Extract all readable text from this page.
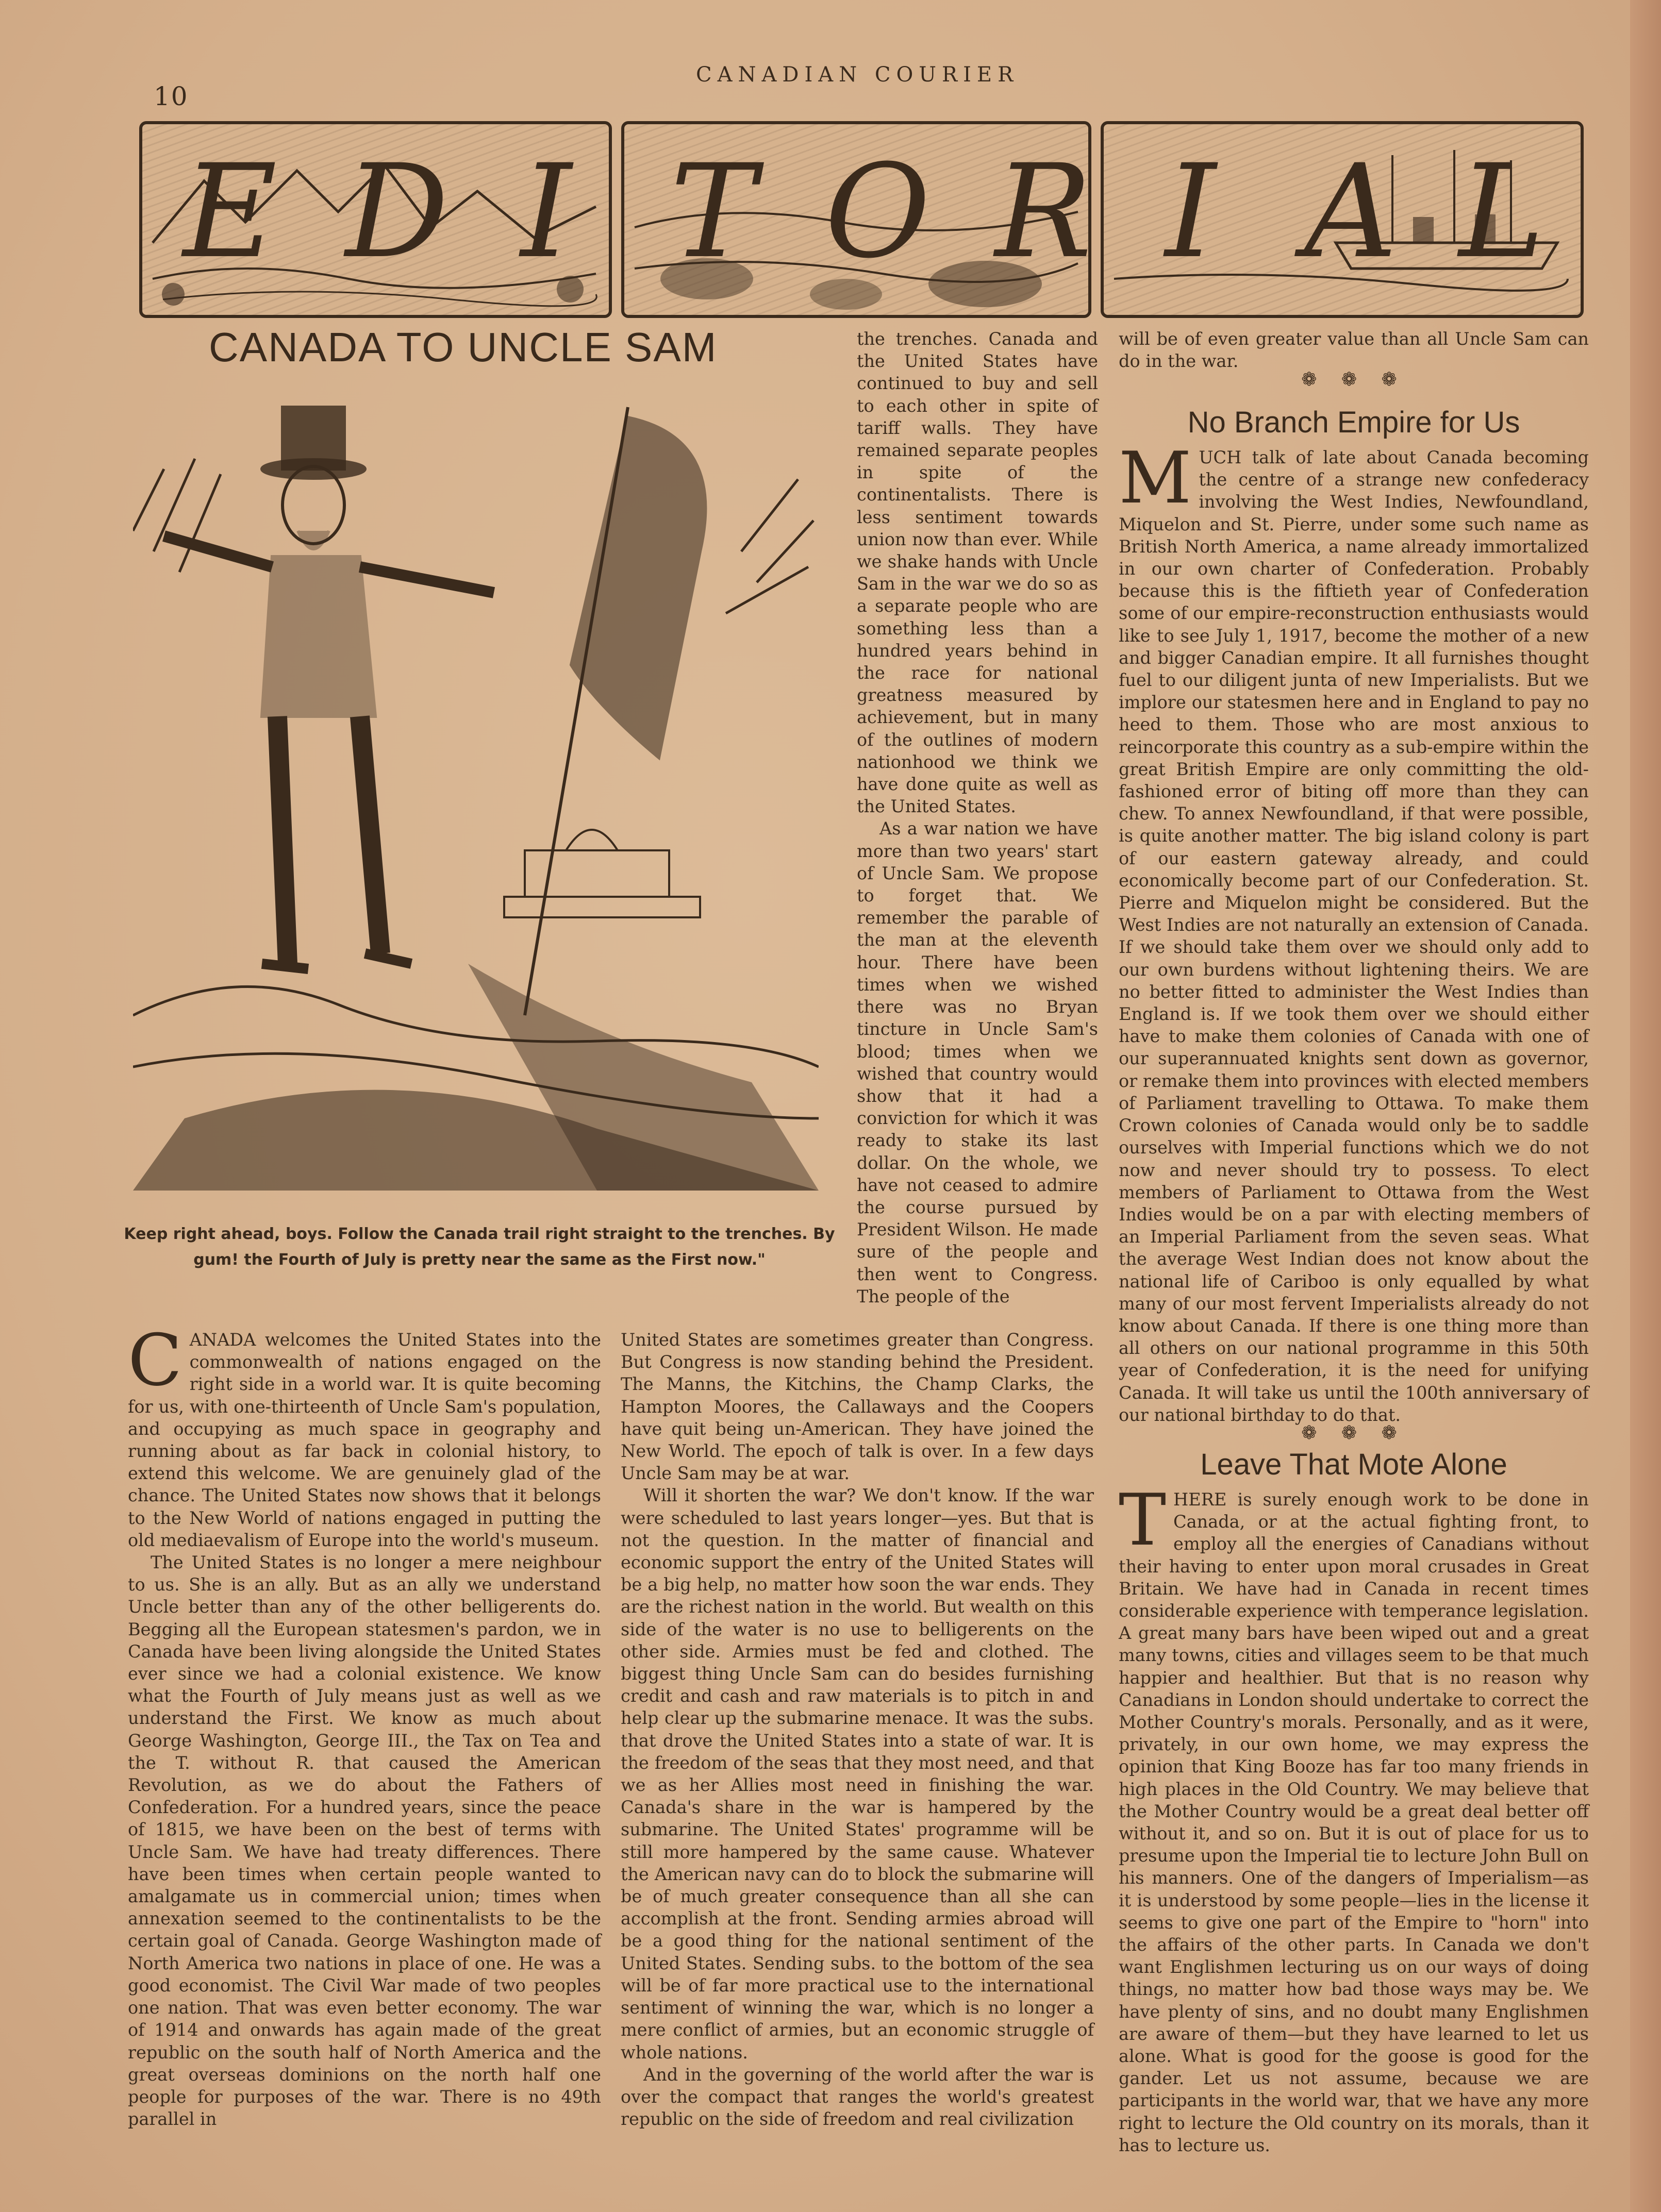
10
CANADIAN COURIER
E D I T O R I A L
CANADA TO UNCLE SAM
Keep right ahead, boys. Follow the Canada trail right straight to the trenches. By gum! the Fourth of July is pretty near the same as the First now."

CANADA welcomes the United States into the commonwealth of nations engaged on the right side in a world war. It is quite becoming for us, with one-thirteenth of Uncle Sam's population, and occupying as much space in geography and running about as far back in colonial history, to extend this welcome. We are genuinely glad of the chance. The United States now shows that it belongs to the New World of nations engaged in putting the old mediaevalism of Europe into the world's museum.

The United States is no longer a mere neighbour to us. She is an ally. But as an ally we understand Uncle better than any of the other belligerents do. Begging all the European statesmen's pardon, we in Canada have been living alongside the United States ever since we had a colonial existence. We know what the Fourth of July means just as well as we understand the First. We know as much about George Washington, George III., the Tax on Tea and the T. without R. that caused the American Revolution, as we do about the Fathers of Confederation. For a hundred years, since the peace of 1815, we have been on the best of terms with Uncle Sam. We have had treaty differences. There have been times when certain people wanted to amalgamate us in commercial union; times when annexation seemed to the continentalists to be the certain goal of Canada. George Washington made of North America two nations in place of one. He was a good economist. The Civil War made of two peoples one nation. That was even better economy. The war of 1914 and onwards has again made of the great republic on the south half of North America and the great overseas dominions on the north half one people for purposes of the war. There is no 49th parallel in

the trenches. Canada and the United States have continued to buy and sell to each other in spite of tariff walls. They have remained separate peoples in spite of the continentalists. There is less sentiment towards union now than ever. While we shake hands with Uncle Sam in the war we do so as a separate people who are something less than a hundred years behind in the race for national greatness measured by achievement, but in many of the outlines of modern nationhood we think we have done quite as well as the United States.

As a war nation we have more than two years' start of Uncle Sam. We propose to forget that. We remember the parable of the man at the eleventh hour. There have been times when we wished there was no Bryan tincture in Uncle Sam's blood; times when we wished that country would show that it had a conviction for which it was ready to stake its last dollar. On the whole, we have not ceased to admire the course pursued by President Wilson. He made sure of the people and then went to Congress. The people of the

United States are sometimes greater than Congress. But Congress is now standing behind the President. The Manns, the Kitchins, the Champ Clarks, the Hampton Moores, the Callaways and the Coopers have quit being un-American. They have joined the New World. The epoch of talk is over. In a few days Uncle Sam may be at war.

Will it shorten the war? We don't know. If the war were scheduled to last years longer—yes. But that is not the question. In the matter of financial and economic support the entry of the United States will be a big help, no matter how soon the war ends. They are the richest nation in the world. But wealth on this side of the water is no use to belligerents on the other side. Armies must be fed and clothed. The biggest thing Uncle Sam can do besides furnishing credit and cash and raw materials is to pitch in and help clear up the submarine menace. It was the subs. that drove the United States into a state of war. It is the freedom of the seas that they most need, and that we as her Allies most need in finishing the war. Canada's share in the war is hampered by the submarine. The United States' programme will be still more hampered by the same cause. Whatever the American navy can do to block the submarine will be of much greater consequence than all she can accomplish at the front. Sending armies abroad will be a good thing for the national sentiment of the United States. Sending subs. to the bottom of the sea will be of far more practical use to the international sentiment of winning the war, which is no longer a mere conflict of armies, but an economic struggle of whole nations.

And in the governing of the world after the war is over the compact that ranges the world's greatest republic on the side of freedom and real civilization

will be of even greater value than all Uncle Sam can do in the war.

❁ ❁ ❁
No Branch Empire for Us

MUCH talk of late about Canada becoming the centre of a strange new confederacy involving the West Indies, Newfoundland, Miquelon and St. Pierre, under some such name as British North America, a name already immortalized in our own charter of Confederation. Probably because this is the fiftieth year of Confederation some of our empire-reconstruction enthusiasts would like to see July 1, 1917, become the mother of a new and bigger Canadian empire. It all furnishes thought fuel to our diligent junta of new Imperialists. But we implore our statesmen here and in England to pay no heed to them. Those who are most anxious to reincorporate this country as a sub-empire within the great British Empire are only committing the old-fashioned error of biting off more than they can chew. To annex Newfoundland, if that were possible, is quite another matter. The big island colony is part of our eastern gateway already, and could economically become part of our Confederation. St. Pierre and Miquelon might be considered. But the West Indies are not naturally an extension of Canada. If we should take them over we should only add to our own burdens without lightening theirs. We are no better fitted to administer the West Indies than England is. If we took them over we should either have to make them colonies of Canada with one of our superannuated knights sent down as governor, or remake them into provinces with elected members of Parliament travelling to Ottawa. To make them Crown colonies of Canada would only be to saddle ourselves with Imperial functions which we do not now and never should try to possess. To elect members of Parliament to Ottawa from the West Indies would be on a par with electing members of an Imperial Parliament from the seven seas. What the average West Indian does not know about the national life of Cariboo is only equalled by what many of our most fervent Imperialists already do not know about Canada. If there is one thing more than all others on our national programme in this 50th year of Confederation, it is the need for unifying Canada. It will take us until the 100th anniversary of our national birthday to do that.

❁ ❁ ❁
Leave That Mote Alone

THERE is surely enough work to be done in Canada, or at the actual fighting front, to employ all the energies of Canadians without their having to enter upon moral crusades in Great Britain. We have had in Canada in recent times considerable experience with temperance legislation. A great many bars have been wiped out and a great many towns, cities and villages seem to be that much happier and healthier. But that is no reason why Canadians in London should undertake to correct the Mother Country's morals. Personally, and as it were, privately, in our own home, we may express the opinion that King Booze has far too many friends in high places in the Old Country. We may believe that the Mother Country would be a great deal better off without it, and so on. But it is out of place for us to presume upon the Imperial tie to lecture John Bull on his manners. One of the dangers of Imperialism—as it is understood by some people—lies in the license it seems to give one part of the Empire to "horn" into the affairs of the other parts. In Canada we don't want Englishmen lecturing us on our ways of doing things, no matter how bad those ways may be. We have plenty of sins, and no doubt many Englishmen are aware of them—but they have learned to let us alone. What is good for the goose is good for the gander. Let us not assume, because we are participants in the world war, that we have any more right to lecture the Old country on its morals, than it has to lecture us.
